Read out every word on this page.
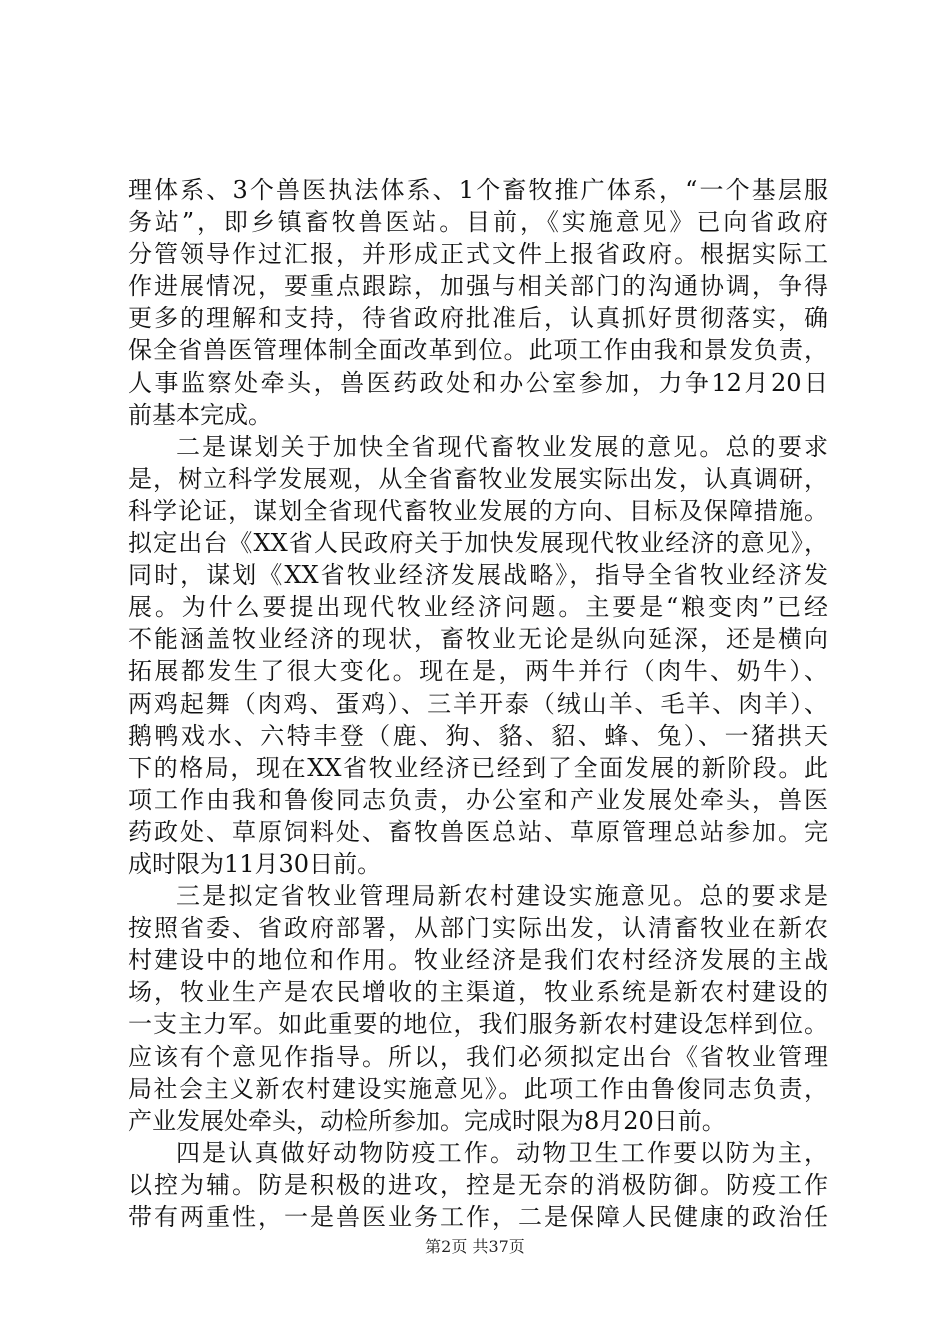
理体系、3个兽医执法体系、1个畜牧推广体系，“一个基层服
务站”，即乡镇畜牧兽医站。目前，《实施意见》已向省政府
分管领导作过汇报，并形成正式文件上报省政府。根据实际工
作进展情况，要重点跟踪，加强与相关部门的沟通协调，争得
更多的理解和支持，待省政府批准后，认真抓好贯彻落实，确
保全省兽医管理体制全面改革到位。此项工作由我和景发负责，
人事监察处牵头，兽医药政处和办公室参加，力争12月20日
前基本完成。
二是谋划关于加快全省现代畜牧业发展的意见。总的要求
是，树立科学发展观，从全省畜牧业发展实际出发，认真调研，
科学论证，谋划全省现代畜牧业发展的方向、目标及保障措施。
拟定出台《XX省人民政府关于加快发展现代牧业经济的意见》，
同时，谋划《XX省牧业经济发展战略》，指导全省牧业经济发
展。为什么要提出现代牧业经济问题。主要是“粮变肉”已经
不能涵盖牧业经济的现状，畜牧业无论是纵向延深，还是横向
拓展都发生了很大变化。现在是，两牛并行（肉牛、奶牛）、
两鸡起舞（肉鸡、蛋鸡）、三羊开泰（绒山羊、毛羊、肉羊）、
鹅鸭戏水、六特丰登（鹿、狗、貉、貂、蜂、兔）、一猪拱天
下的格局，现在XX省牧业经济已经到了全面发展的新阶段。此
项工作由我和鲁俊同志负责，办公室和产业发展处牵头，兽医
药政处、草原饲料处、畜牧兽医总站、草原管理总站参加。完
成时限为11月30日前。
三是拟定省牧业管理局新农村建设实施意见。总的要求是
按照省委、省政府部署，从部门实际出发，认清畜牧业在新农
村建设中的地位和作用。牧业经济是我们农村经济发展的主战
场，牧业生产是农民增收的主渠道，牧业系统是新农村建设的
一支主力军。如此重要的地位，我们服务新农村建设怎样到位。
应该有个意见作指导。所以，我们必须拟定出台《省牧业管理
局社会主义新农村建设实施意见》。此项工作由鲁俊同志负责，
产业发展处牵头，动检所参加。完成时限为8月20日前。
四是认真做好动物防疫工作。动物卫生工作要以防为主，
以控为辅。防是积极的进攻，控是无奈的消极防御。防疫工作
带有两重性，一是兽医业务工作，二是保障人民健康的政治任
第2页 共37页
